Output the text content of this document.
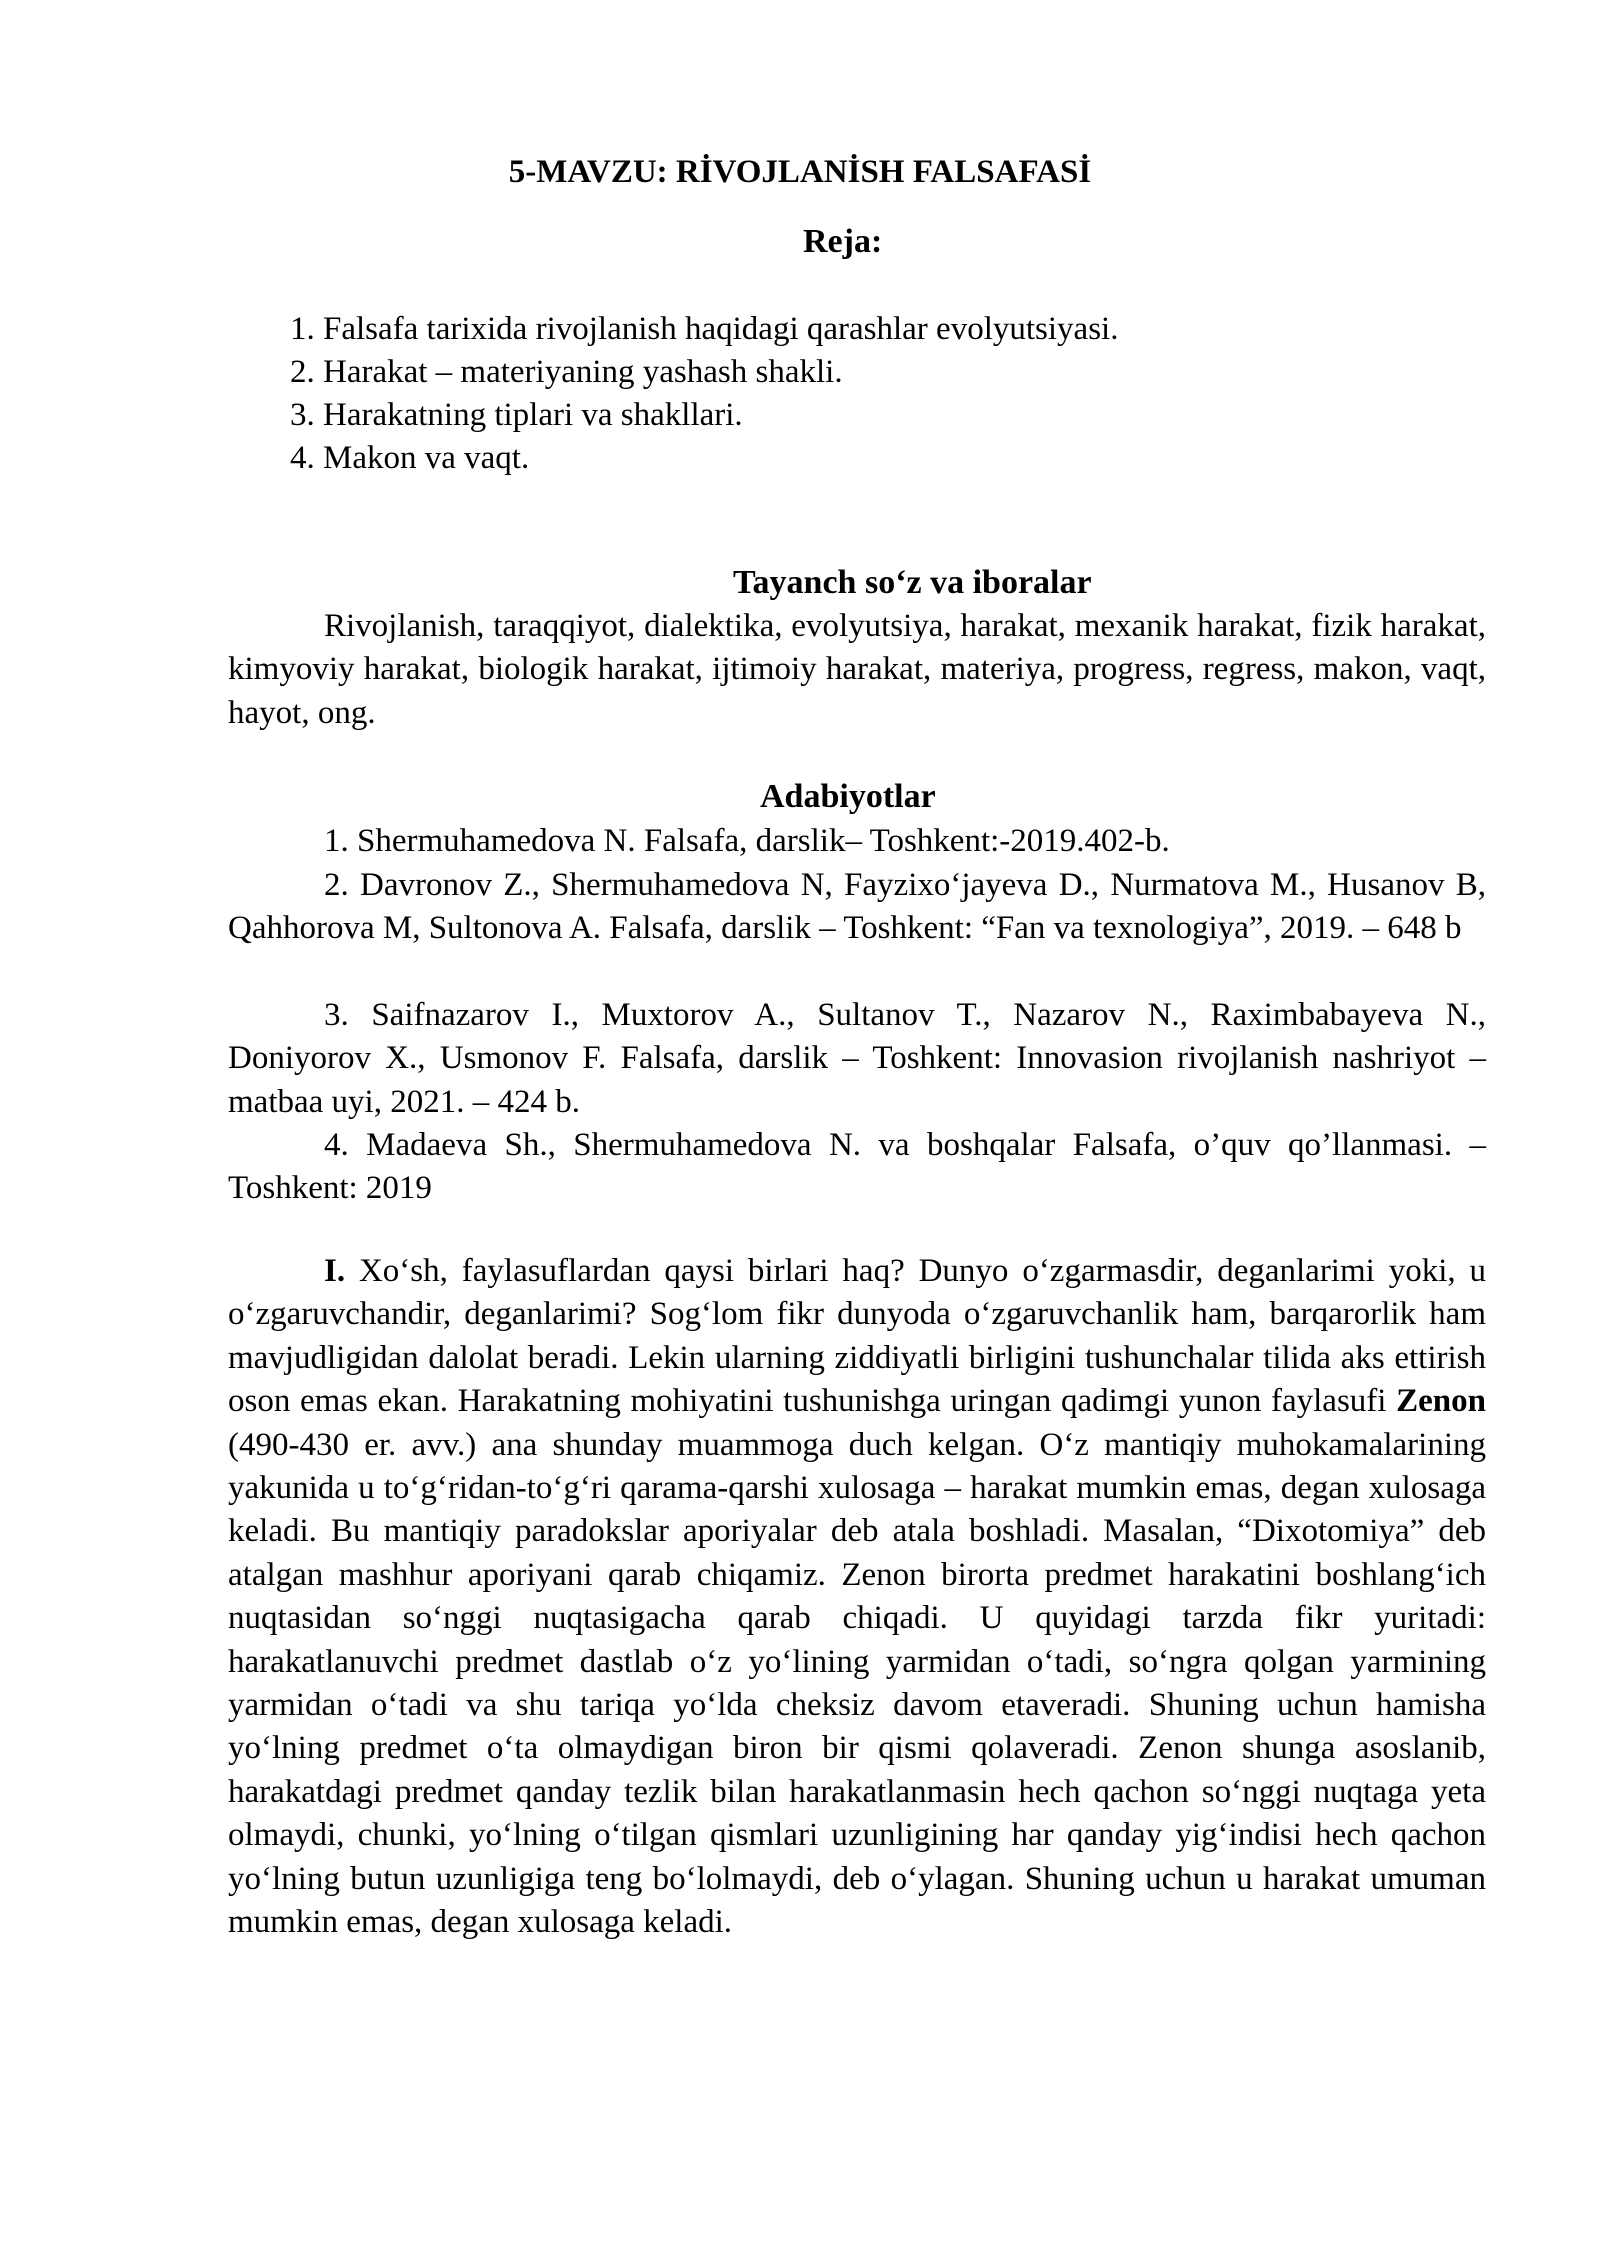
5-MAVZU: RİVOJLANİSH FALSAFASİ
Reja:
1. Falsafa tarixida rivojlanish haqidagi qarashlar evolyutsiyasi.
2. Harakat – materiyaning yashash shakli.
3. Harakatning tiplari va shakllari.
4. Makon va vaqt.
Tayanch so‘z va iboralar

Rivojlanish, taraqqiyot, dialektika, evolyutsiya, harakat, mexanik harakat, fizik harakat, kimyoviy harakat, biologik harakat, ijtimoiy harakat, materiya, progress, regress, makon, vaqt, hayot, ong.

Adabiyotlar

1. Shermuhamedova N. Falsafa, darslik– Toshkent:-2019.402-b.

2. Davronov Z., Shermuhamedova N, Fayzixo‘jayeva D., Nurmatova M., Husanov B, Qahhorova M, Sultonova A. Falsafa, darslik – Toshkent: “Fan va texnologiya”, 2019. – 648 b

3. Saifnazarov I., Muxtorov A., Sultanov T., Nazarov N., Raximbabayeva N., Doniyorov X., Usmonov F. Falsafa, darslik – Toshkent: Innovasion rivojlanish nashriyot –matbaa uyi, 2021. – 424 b.

4. Madaeva Sh., Shermuhamedova N. va boshqalar Falsafa, o’quv qo’llanmasi. –Toshkent: 2019

I. Xo‘sh, faylasuflardan qaysi birlari haq? Dunyo o‘zgarmasdir, deganlarimi yoki, u o‘zgaruvchandir, deganlarimi? Sog‘lom fikr dunyoda o‘zgaruvchanlik ham, barqarorlik ham mavjudligidan dalolat beradi. Lekin ularning ziddiyatli birligini tushunchalar tilida aks ettirish oson emas ekan. Harakatning mohiyatini tushunishga uringan qadimgi yunon faylasufi Zenon (490-430 er. avv.) ana shunday muammoga duch kelgan. O‘z mantiqiy muhokamalarining yakunida u to‘g‘ridan-to‘g‘ri qarama-qarshi xulosaga – harakat mumkin emas, degan xulosaga keladi. Bu mantiqiy paradokslar aporiyalar deb atala boshladi. Masalan, “Dixotomiya” deb atalgan mashhur aporiyani qarab chiqamiz. Zenon birorta predmet harakatini boshlang‘ich nuqtasidan so‘nggi nuqtasigacha qarab chiqadi. U quyidagi tarzda fikr yuritadi: harakatlanuvchi predmet dastlab o‘z yo‘lining yarmidan o‘tadi, so‘ngra qolgan yarmining yarmidan o‘tadi va shu tariqa yo‘lda cheksiz davom etaveradi. Shuning uchun hamisha yo‘lning predmet o‘ta olmaydigan biron bir qismi qolaveradi. Zenon shunga asoslanib, harakatdagi predmet qanday tezlik bilan harakatlanmasin hech qachon so‘nggi nuqtaga yeta olmaydi, chunki, yo‘lning o‘tilgan qismlari uzunligining har qanday yig‘indisi hech qachon yo‘lning butun uzunligiga teng bo‘lolmaydi, deb o‘ylagan. Shuning uchun u harakat umuman mumkin emas, degan xulosaga keladi.
